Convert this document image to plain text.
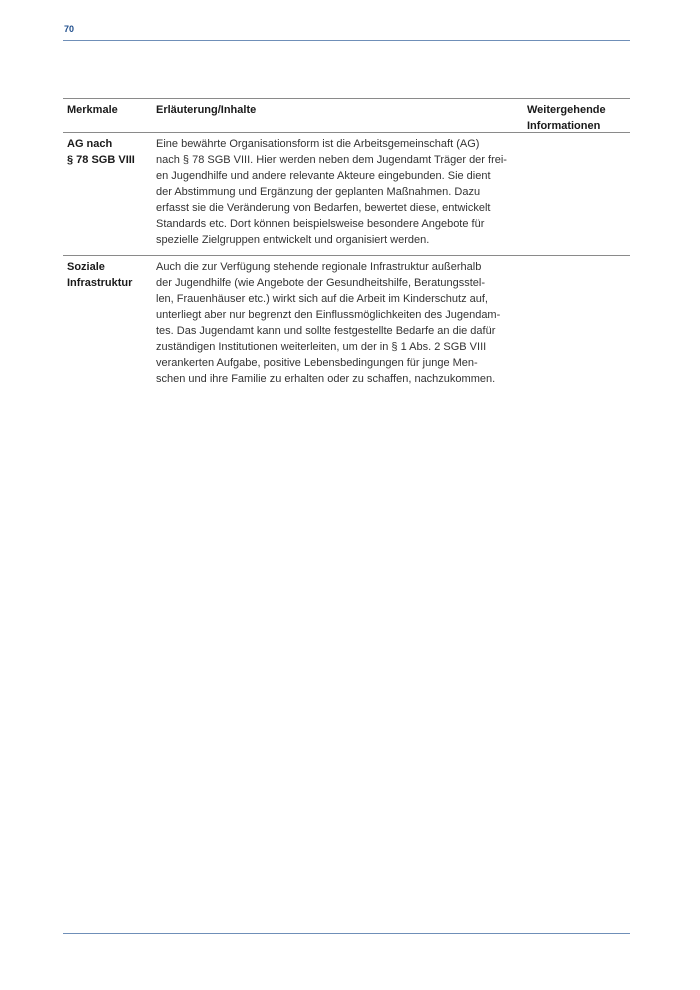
70
Merkmale	Erläuterung/Inhalte	Weitergehende
Informationen
AG nach
§ 78 SGB VIII
Eine bewährte Organisationsform ist die Arbeitsgemeinschaft (AG)
nach § 78 SGB VIII. Hier werden neben dem Jugendamt Träger der frei-
en Jugendhilfe und andere relevante Akteure eingebunden. Sie dient
der Abstimmung und Ergänzung der geplanten Maßnahmen. Dazu
erfasst sie die Veränderung von Bedarfen, bewertet diese, entwickelt
Standards etc. Dort können beispielsweise besondere Angebote für
spezielle Zielgruppen entwickelt und organisiert werden.
Soziale
Infrastruktur
Auch die zur Verfügung stehende regionale Infrastruktur außerhalb
der Jugendhilfe (wie Angebote der Gesundheitshilfe, Beratungsstel-
len, Frauenhäuser etc.) wirkt sich auf die Arbeit im Kinderschutz auf,
unterliegt aber nur begrenzt den Einflussmöglichkeiten des Jugendam-
tes. Das Jugendamt kann und sollte festgestellte Bedarfe an die dafür
zuständigen Institutionen weiterleiten, um der in § 1 Abs. 2 SGB VIII
verankerten Aufgabe, positive Lebensbedingungen für junge Men-
schen und ihre Familie zu erhalten oder zu schaffen, nachzukommen.
